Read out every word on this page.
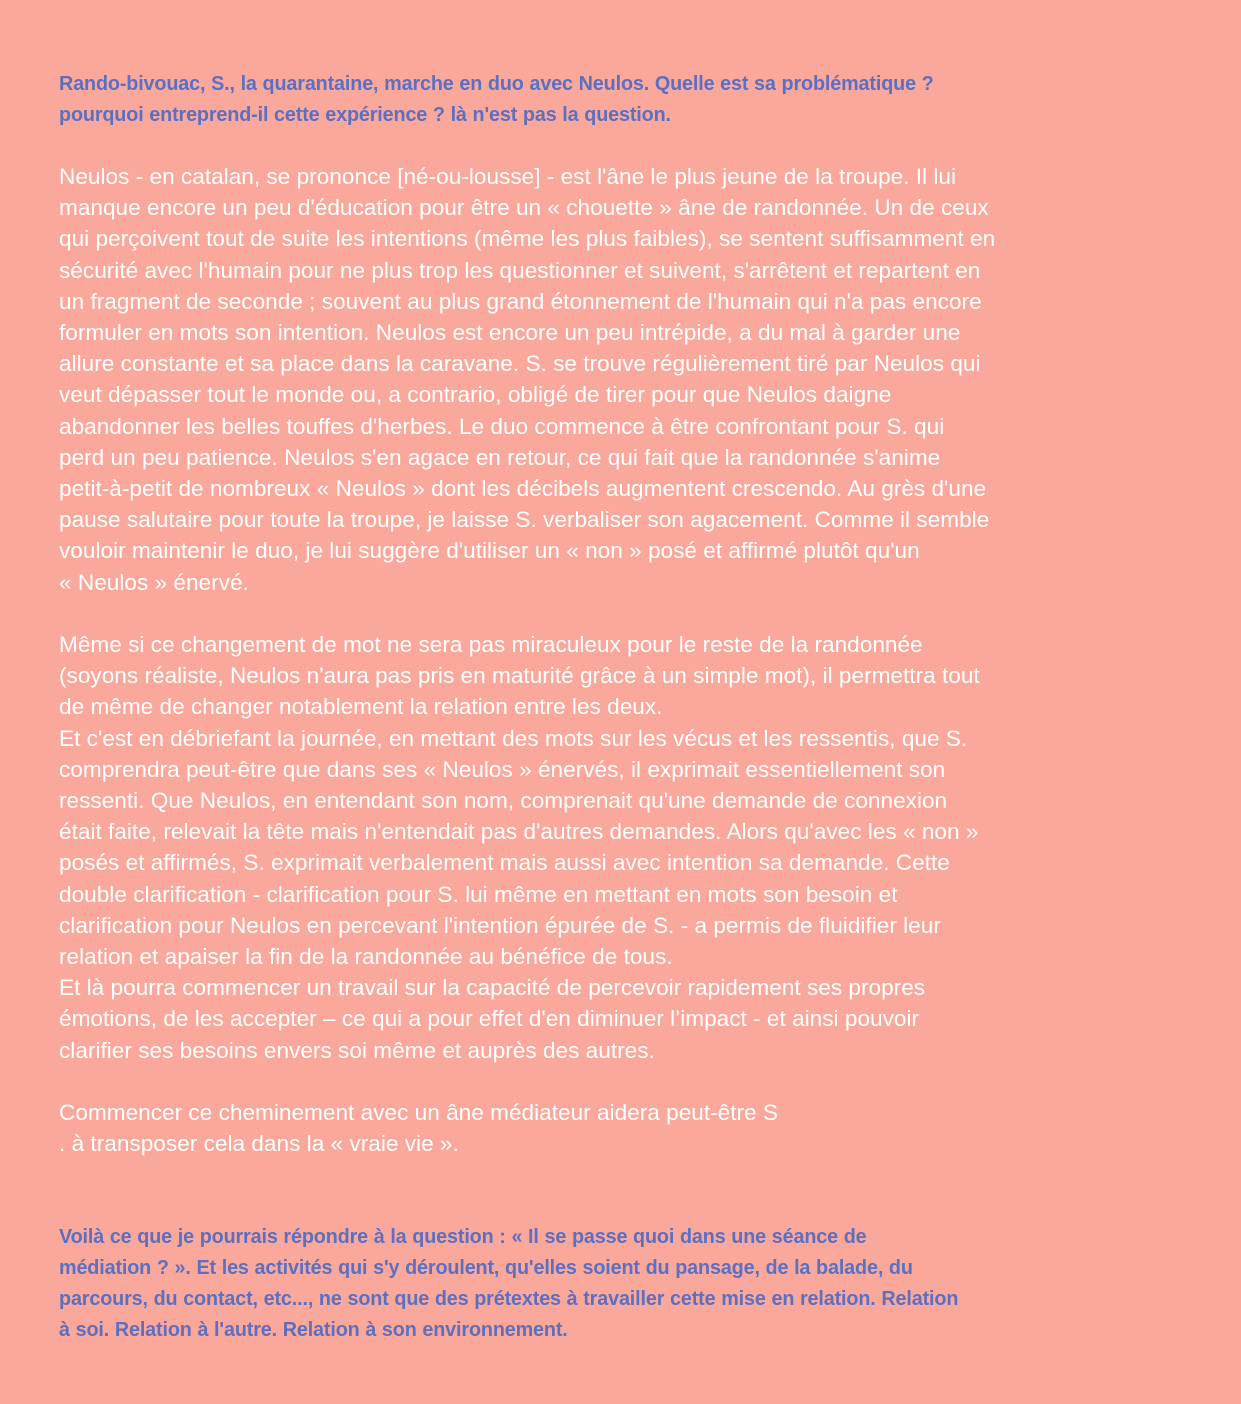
Rando-bivouac, S., la quarantaine, marche en duo avec Neulos. Quelle est sa problématique ?
pourquoi entreprend-il cette expérience ? là n'est pas la question.
Neulos - en catalan, se prononce [né-ou-lousse] - est l'âne le plus jeune de la troupe. Il lui
manque encore un peu d'éducation pour être un « chouette » âne de randonnée. Un de ceux
qui perçoivent tout de suite les intentions (même les plus faibles), se sentent suffisamment en
sécurité avec l'humain pour ne plus trop les questionner et suivent, s'arrêtent et repartent en
un fragment de seconde ; souvent au plus grand étonnement de l'humain qui n'a pas encore
formuler en mots son intention. Neulos est encore un peu intrépide, a du mal à garder une
allure constante et sa place dans la caravane. S. se trouve régulièrement tiré par Neulos qui
veut dépasser tout le monde ou, a contrario, obligé de tirer pour que Neulos daigne
abandonner les belles touffes d'herbes. Le duo commence à être confrontant pour S. qui
perd un peu patience. Neulos s'en agace en retour, ce qui fait que la randonnée s'anime
petit-à-petit de nombreux « Neulos » dont les décibels augmentent crescendo. Au grès d'une
pause salutaire pour toute la troupe, je laisse S. verbaliser son agacement. Comme il semble
vouloir maintenir le duo, je lui suggère d'utiliser un « non » posé et affirmé plutôt qu'un
« Neulos » énervé.
Même si ce changement de mot ne sera pas miraculeux pour le reste de la randonnée
(soyons réaliste, Neulos n'aura pas pris en maturité grâce à un simple mot), il permettra tout
de même de changer notablement la relation entre les deux.
Et c'est en débriefant la journée, en mettant des mots sur les vécus et les ressentis, que S.
comprendra peut-être que dans ses « Neulos » énervés, il exprimait essentiellement son
ressenti. Que Neulos, en entendant son nom, comprenait qu'une demande de connexion
était faite, relevait la tête mais n'entendait pas d'autres demandes. Alors qu'avec les « non »
posés et affirmés, S. exprimait verbalement mais aussi avec intention sa demande. Cette
double clarification - clarification pour S. lui même en mettant en mots son besoin et
clarification pour Neulos en percevant l'intention épurée de S. - a permis de fluidifier leur
relation et apaiser la fin de la randonnée au bénéfice de tous.
Et là pourra commencer un travail sur la capacité de percevoir rapidement ses propres
émotions, de les accepter – ce qui a pour effet d'en diminuer l’impact - et ainsi pouvoir
clarifier ses besoins envers soi même et auprès des autres.
Commencer ce cheminement avec un âne médiateur aidera peut-être S
. à transposer cela dans la « vraie vie ».
Voilà ce que je pourrais répondre à la question : « Il se passe quoi dans une séance de
médiation ? ». Et les activités qui s'y déroulent, qu'elles soient du pansage, de la balade, du
parcours, du contact, etc..., ne sont que des prétextes à travailler cette mise en relation. Relation
à soi. Relation à l'autre. Relation à son environnement.
